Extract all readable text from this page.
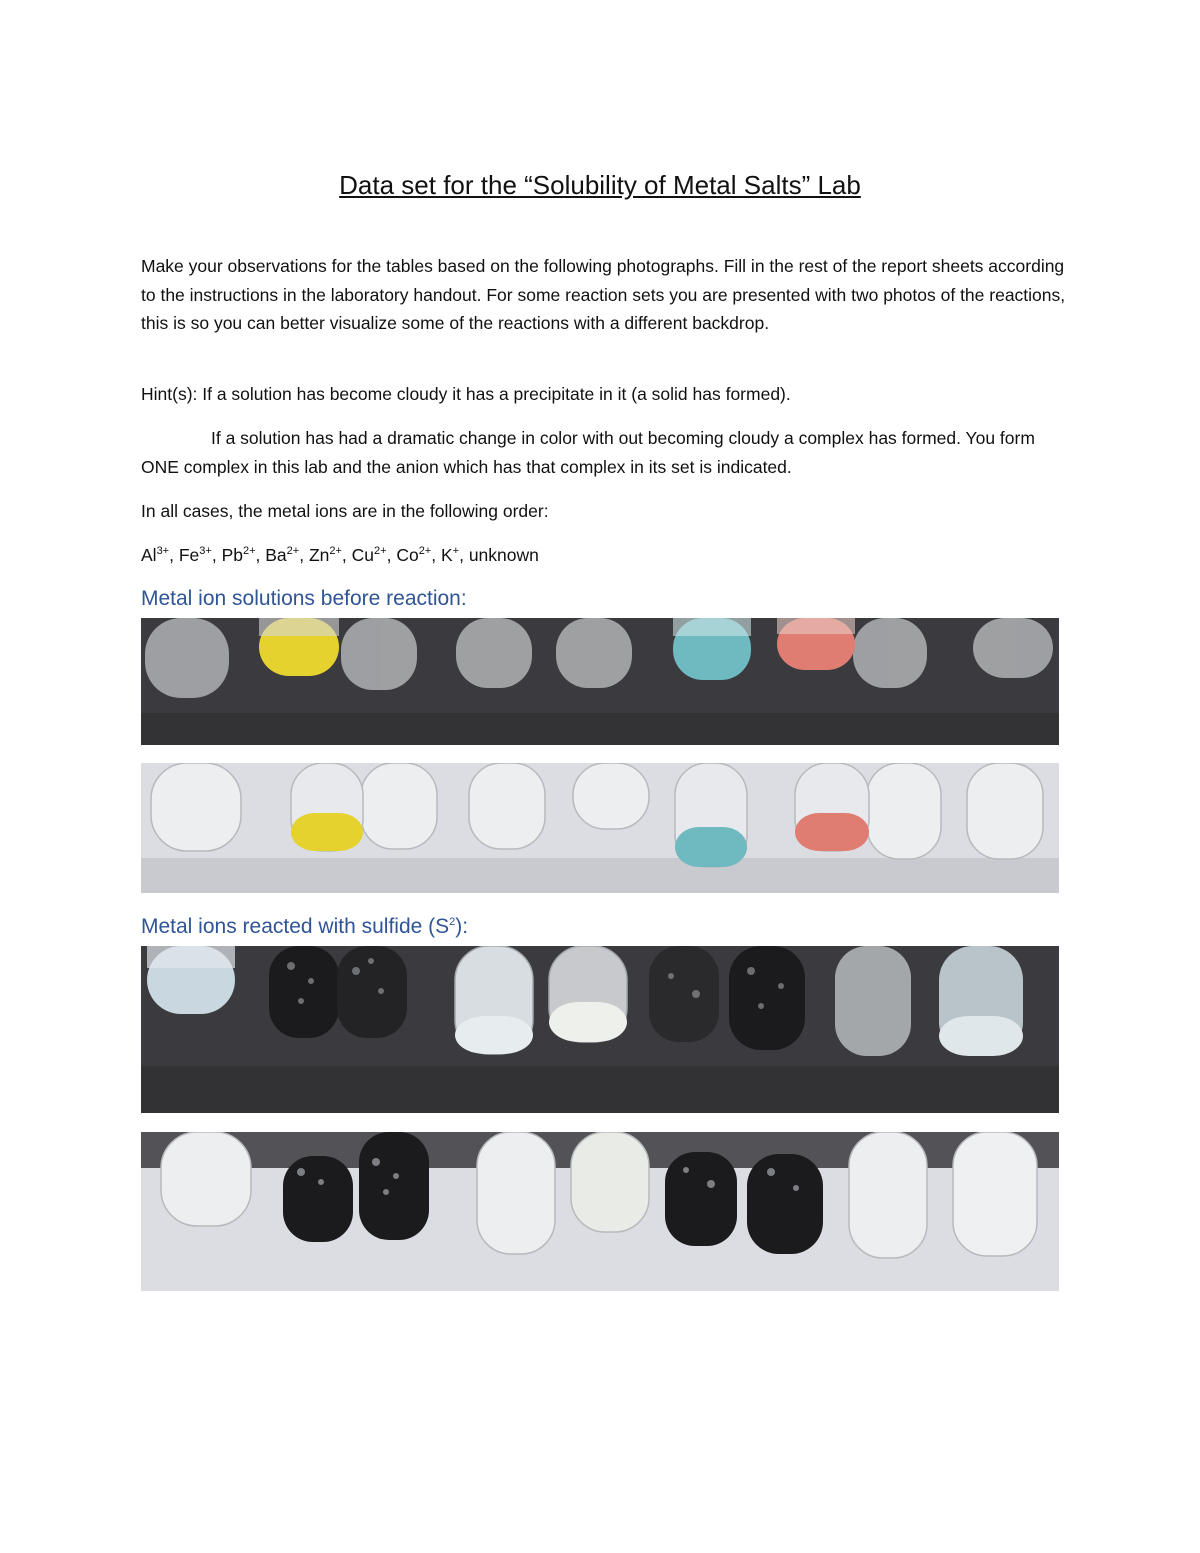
Data set for the “Solubility of Metal Salts” Lab

Make your observations for the tables based on the following photographs. Fill in the rest of the report sheets according to the instructions in the laboratory handout. For some reaction sets you are presented with two photos of the reactions, this is so you can better visualize some of the reactions with a different backdrop.

Hint(s): If a solution has become cloudy it has a precipitate in it (a solid has formed).

If a solution has had a dramatic change in color with out becoming cloudy a complex has formed. You form ONE complex in this lab and the anion which has that complex in its set is indicated.

In all cases, the metal ions are in the following order:

$Al^{3+}$, $Fe^{3+}$, $Pb^{2+}$, $Ba^{2+}$, $Zn^{2+}$, $Cu^{2+}$, $Co^{2+}$, K+, unknown

Metal ion solutions before reaction:

Metal ions reacted with sulfide $(S^2)$:
